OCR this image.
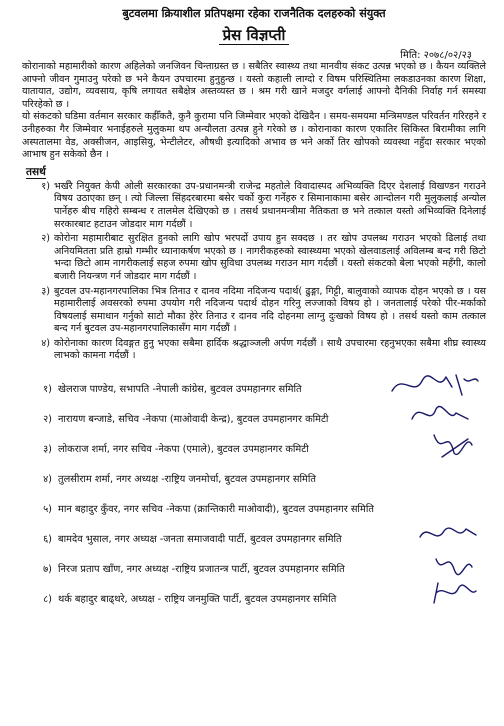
बुटवलमा क्रियाशील प्रतिपक्षमा रहेका राजनैतिक दलहरुको संयुक्त
प्रेस विज्ञप्ती
मिति: २०७८/०२/२३

कोरानाको महामारीको कारण अहिलेको जनजिवन चिन्ताग्रस्त छ । सबैतिर स्वास्थ्य तथा मानवीय संकट उत्पन्न भएको छ । कैयन व्यक्तिले आफ्नो जीवन गुमाउनु परेको छ भने कैयन उपचारमा हुनुहुन्छ । यस्तो कहाली लाग्दो र विषम परिस्थितिमा लकडाउनका कारण शिक्षा, यातायात, उद्योग, व्यवसाय, कृषि लगायत सबैक्षेत्र अस्तव्यस्त छ । श्रम गरी खाने मजदुर वर्गलाई आफ्नो दैनिकी निर्वाह गर्न समस्या परिरहेको छ ।

यो संकटको घडिमा वर्तमान सरकार कहीँकतै, कुनै कुरामा पनि जिम्मेवार भएको देखिदैन । समय-समयमा मन्त्रिमण्डल परिवर्तन गरिरहने र उनीहरुका गैर जिम्मेवार भनाईहरुले मुलुकमा थप अन्यौलता उत्पन्न हुने गरेको छ । कोरानाका कारण एकातिर सिकिस्त बिरामीका लागि अस्पतालमा वेड, अक्सीजन, आइसियु, भेन्टीलेटर, औषधी इत्यादिको अभाव छ भने अर्को तिर खोपको व्यवस्था नहुँदा सरकार भएको आभाष हुन सकेको छैन ।

तसर्थ
१) भर्खरै नियुक्त केपी ओली सरकारका उप-प्रधानमन्त्री राजेन्द्र महतोले विवादास्पद अभिव्यक्ति दिएर देशलाई विखण्डन गराउने विषय उठाएका छन् । त्यो जिल्ला सिंहदरबारमा बसेर चर्को कुरा गर्नेहरु र सिमानाकामा बसेर आन्दोलन गरी मुलुकलाई अन्योल पार्नेहरु बीच गहिरो सम्बन्ध र तालमेल देखिएको छ । तसर्थ प्रधानमन्त्रीमा नैतिकता छ भने तत्काल यस्तो अभिव्यक्ति दिनेलाई सरकारबाट हटाउन जोडदार माग गर्दछौं ।
२) कोरोना महामारीबाट सुरक्षित हुनको लागि खोप भरपर्दो उपाय हुन सक्दछ । तर खोप उपलब्ध गराउन भएको ढिलाई तथा अनियमितता प्रति हाम्रो गम्भीर ध्यानाकर्षण भएको छ । नागरीकहरुको स्वास्थ्यमा भएको खेलवाडलाई अविलम्ब बन्द गरी छिटो भन्दा छिटो आम नागरीकलाई सहज रुपमा खोप सुविधा उपलब्ध गराउन माग गर्दछौं । यस्तो संकटको बेला भएको महँगी, कालो बजारी नियन्त्रण गर्न जोडदार माग गर्दछौं ।
३) बुटवल उप-महानगरपालिका भित्र तिनाउ र दानव नदिमा नदिजन्य पदार्थ( ढुङ्गा, गिट्टी, बालुवाको व्यापक दोहन भएको छ । यस महामारीलाई अवसरको रुपमा उपयोग गरी नदिजन्य पदार्थ दोहन गरिनु लज्जाको विषय हो । जनतालाई परेको पीर-मर्काको विषयलाई समाधान गर्नुको साटो मौका हेरेर तिनाउ र दानव नदि दोहनमा लाग्नु दुःखको विषय हो । तसर्थ यस्तो काम तत्काल बन्द गर्न बुटवल उप-महानगरपालिकासँग माग गर्दछौं ।
४) कोरोनाका कारण दिवङ्गत हुनु भएका सबैमा हार्दिक श्रद्धाञ्जली अर्पण गर्दछौं । साथै उपचारमा रहनुभएका सबैमा शीघ्र स्वास्थ्य लाभको कामना गर्दछौं ।
१) खेलराज पाण्डेय, सभापति -नेपाली कांग्रेस, बुटवल उपमहानगर समिति
२) नारायण बन्जाडे, सचिव -नेकपा (माओवादी केन्द्र), बुटवल उपमहानगर कमिटी
३) लोकराज शर्मा, नगर सचिव -नेकपा (एमाले), बुटवल उपमहानगर कमिटी
४) तुलसीराम शर्मा, नगर अध्यक्ष -राष्ट्रिय जनमोर्चा, बुटवल उपमहानगर समिति
५) मान बहादुर कुँवर, नगर सचिव -नेकपा (क्रान्तिकारी माओवादी), बुटवल उपमहानगर समिति
६) बामदेव भुसाल, नगर अध्यक्ष -जनता समाजवादी पार्टी, बुटवल उपमहानगर समिति
७) निरज प्रताप खाँण, नगर अध्यक्ष -राष्ट्रिय प्रजातन्त्र पार्टी, बुटवल उपमहानगर समिति
८) थर्क बहादुर बाढ्थरे, अध्यक्ष - राष्ट्रिय जनमुक्ति पार्टी, बुटवल उपमहानगर समिति
